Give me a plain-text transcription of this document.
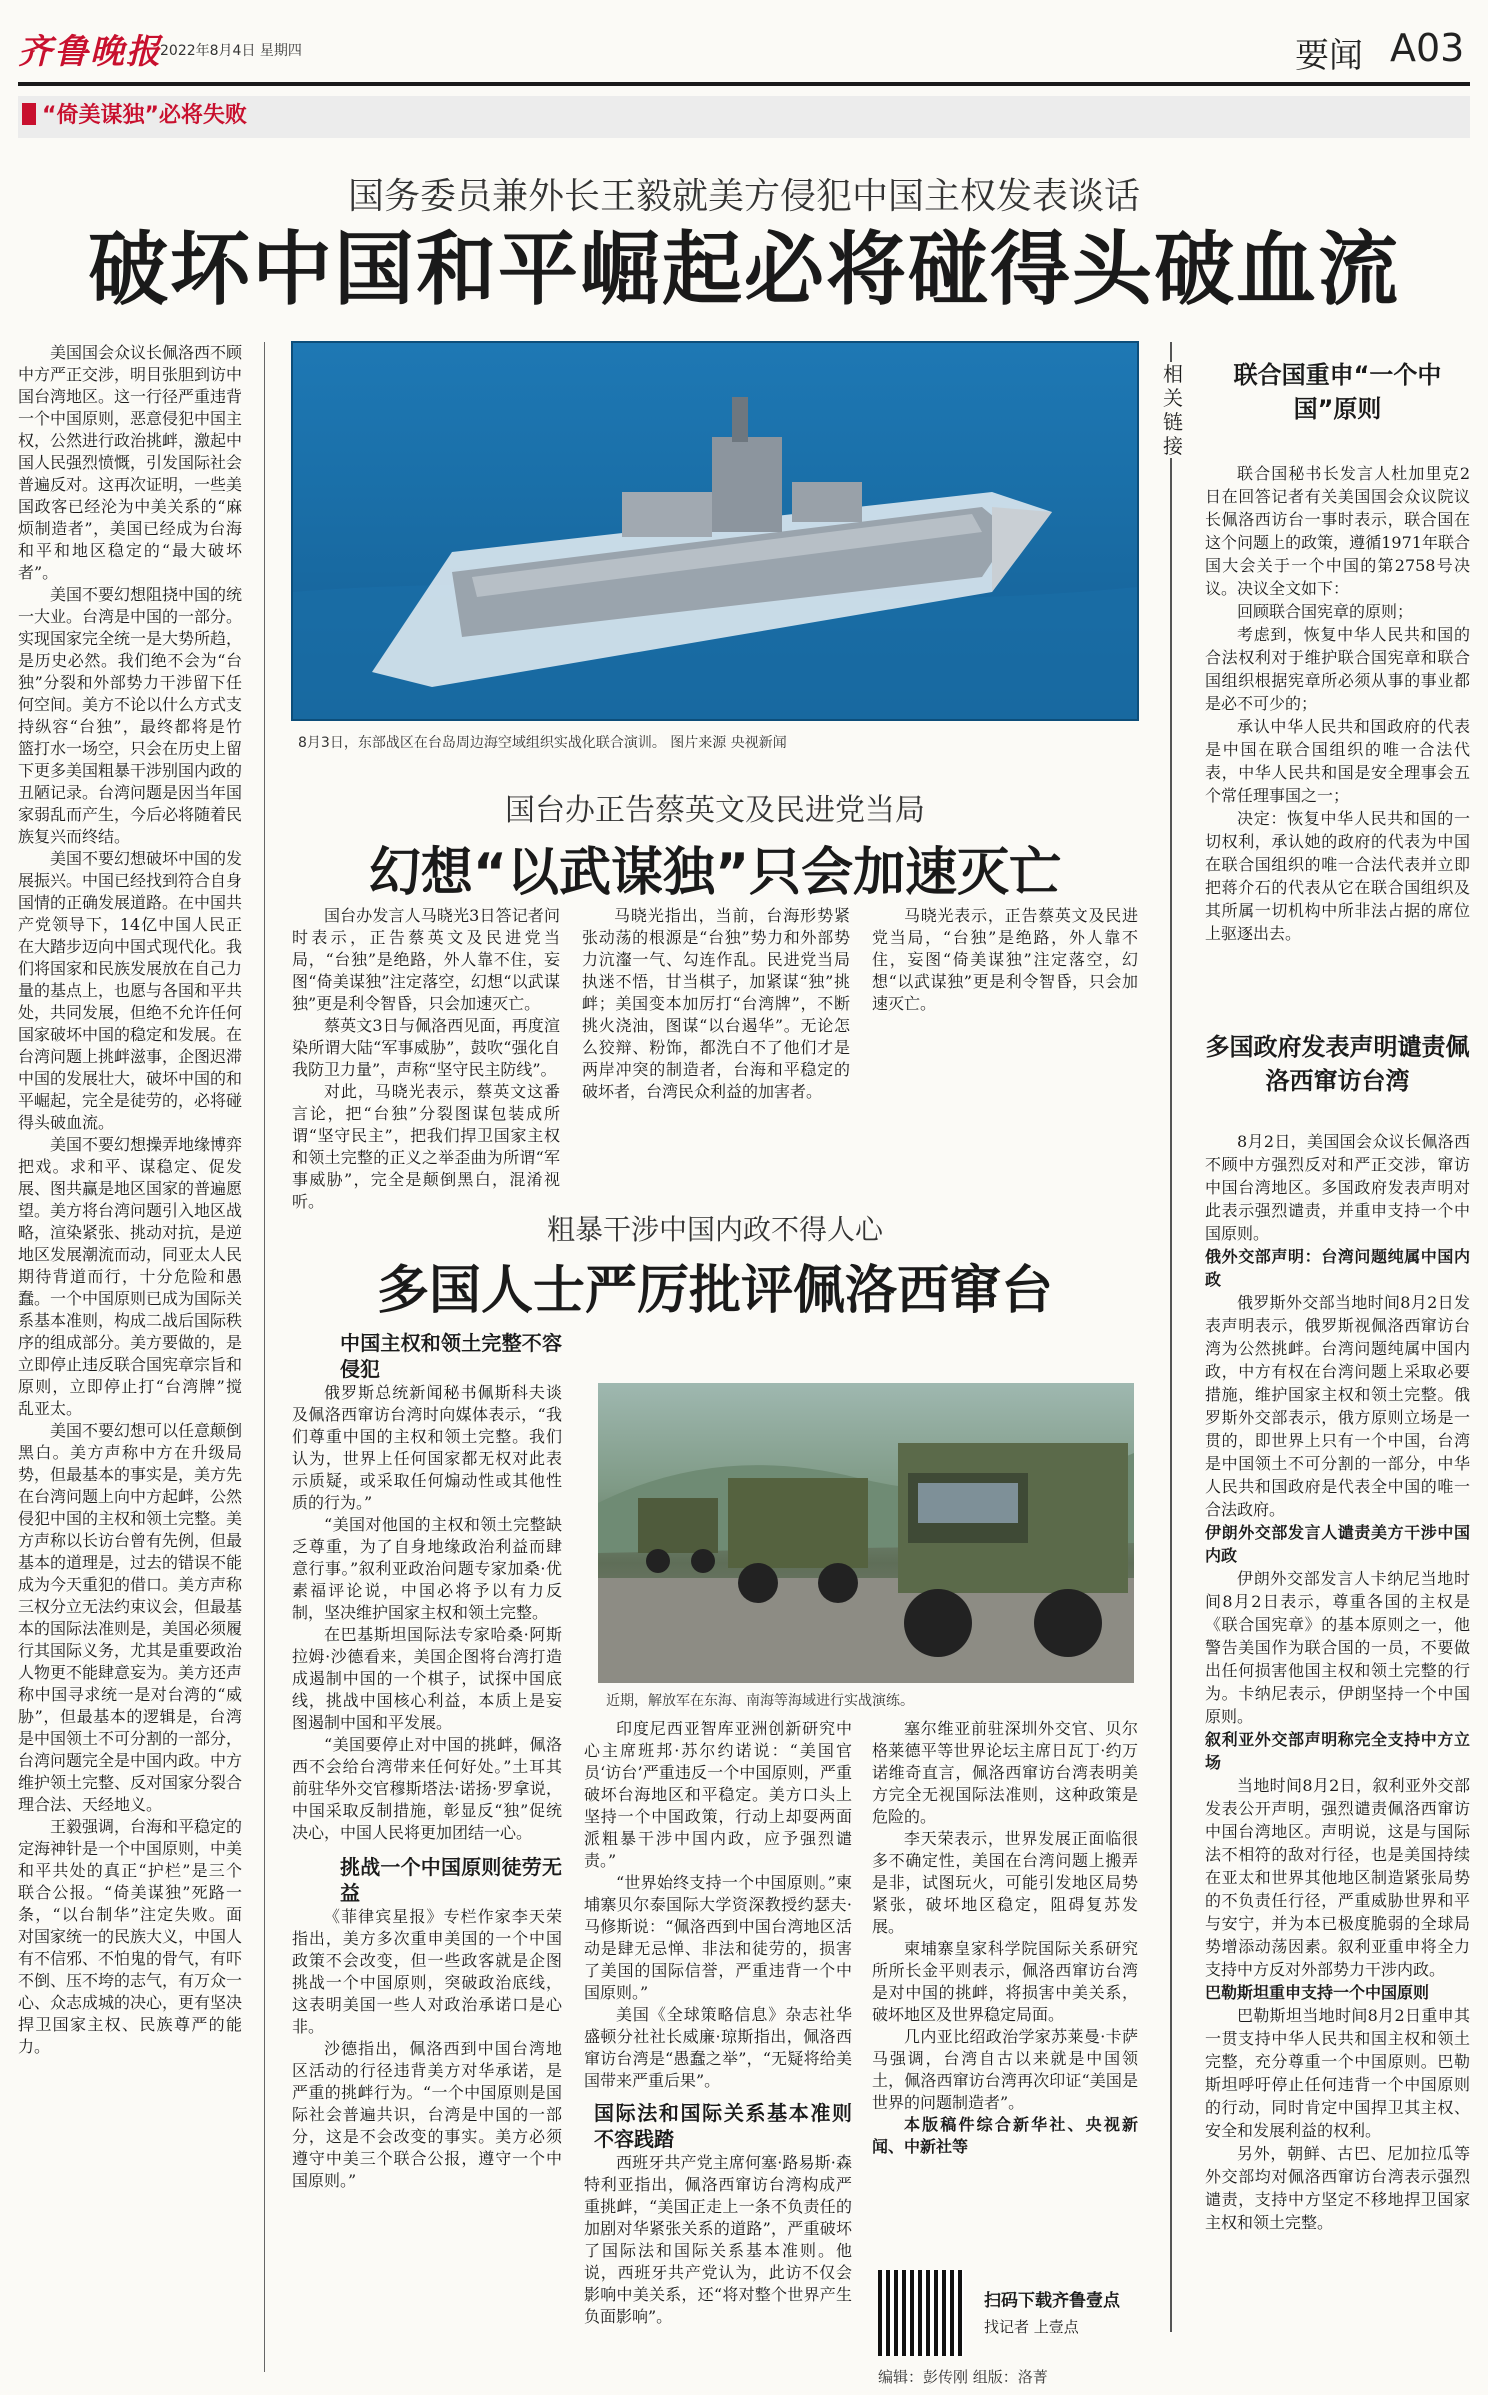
齐鲁晚报
2022年8月4日 星期四	要闻 A03
“倚美谋独”必将失败
国务委员兼外长王毅就美方侵犯中国主权发表谈话
破坏中国和平崛起必将碰得头破血流

美国国会众议长佩洛西不顾中方严正交涉，明目张胆到访中国台湾地区。这一行径严重违背一个中国原则，恶意侵犯中国主权，公然进行政治挑衅，激起中国人民强烈愤慨，引发国际社会普遍反对。这再次证明，一些美国政客已经沦为中美关系的“麻烦制造者”，美国已经成为台海和平和地区稳定的“最大破坏者”。

美国不要幻想阻挠中国的统一大业。台湾是中国的一部分。实现国家完全统一是大势所趋，是历史必然。我们绝不会为“台独”分裂和外部势力干涉留下任何空间。美方不论以什么方式支持纵容“台独”，最终都将是竹篮打水一场空，只会在历史上留下更多美国粗暴干涉别国内政的丑陋记录。台湾问题是因当年国家弱乱而产生，今后必将随着民族复兴而终结。

美国不要幻想破坏中国的发展振兴。中国已经找到符合自身国情的正确发展道路。在中国共产党领导下，14亿中国人民正在大踏步迈向中国式现代化。我们将国家和民族发展放在自己力量的基点上，也愿与各国和平共处，共同发展，但绝不允许任何国家破坏中国的稳定和发展。在台湾问题上挑衅滋事，企图迟滞中国的发展壮大，破坏中国的和平崛起，完全是徒劳的，必将碰得头破血流。

美国不要幻想操弄地缘博弈把戏。求和平、谋稳定、促发展、图共赢是地区国家的普遍愿望。美方将台湾问题引入地区战略，渲染紧张、挑动对抗，是逆地区发展潮流而动，同亚太人民期待背道而行，十分危险和愚蠢。一个中国原则已成为国际关系基本准则，构成二战后国际秩序的组成部分。美方要做的，是立即停止违反联合国宪章宗旨和原则，立即停止打“台湾牌”搅乱亚太。

美国不要幻想可以任意颠倒黑白。美方声称中方在升级局势，但最基本的事实是，美方先在台湾问题上向中方起衅，公然侵犯中国的主权和领土完整。美方声称以长访台曾有先例，但最基本的道理是，过去的错误不能成为今天重犯的借口。美方声称三权分立无法约束议会，但最基本的国际法准则是，美国必须履行其国际义务，尤其是重要政治人物更不能肆意妄为。美方还声称中国寻求统一是对台湾的“威胁”，但最基本的逻辑是，台湾是中国领土不可分割的一部分，台湾问题完全是中国内政。中方维护领土完整、反对国家分裂合理合法、天经地义。

王毅强调，台海和平稳定的定海神针是一个中国原则，中美和平共处的真正“护栏”是三个联合公报。“倚美谋独”死路一条，“以台制华”注定失败。面对国家统一的民族大义，中国人有不信邪、不怕鬼的骨气，有吓不倒、压不垮的志气，有万众一心、众志成城的决心，更有坚决捍卫国家主权、民族尊严的能力。

8月3日，东部战区在台岛周边海空域组织实战化联合演训。 图片来源 央视新闻
国台办正告蔡英文及民进党当局
幻想“以武谋独”只会加速灭亡

国台办发言人马晓光3日答记者问时表示，正告蔡英文及民进党当局，“台独”是绝路，外人靠不住，妄图“倚美谋独”注定落空，幻想“以武谋独”更是利令智昏，只会加速灭亡。

蔡英文3日与佩洛西见面，再度渲染所谓大陆“军事威胁”，鼓吹“强化自我防卫力量”，声称“坚守民主防线”。

对此，马晓光表示，蔡英文这番言论，把“台独”分裂图谋包装成所谓“坚守民主”，把我们捍卫国家主权和领土完整的正义之举歪曲为所谓“军事威胁”，完全是颠倒黑白，混淆视听。

马晓光指出，当前，台海形势紧张动荡的根源是“台独”势力和外部势力沆瀣一气、勾连作乱。民进党当局执迷不悟，甘当棋子，加紧谋“独”挑衅；美国变本加厉打“台湾牌”，不断挑火浇油，图谋“以台遏华”。无论怎么狡辩、粉饰，都洗白不了他们才是两岸冲突的制造者，台海和平稳定的破坏者，台湾民众利益的加害者。

马晓光表示，正告蔡英文及民进党当局，“台独”是绝路，外人靠不住，妄图“倚美谋独”注定落空，幻想“以武谋独”更是利令智昏，只会加速灭亡。

粗暴干涉中国内政不得人心
多国人士严厉批评佩洛西窜台
中国主权和领土完整不容侵犯

俄罗斯总统新闻秘书佩斯科夫谈及佩洛西窜访台湾时向媒体表示，“我们尊重中国的主权和领土完整。我们认为，世界上任何国家都无权对此表示质疑，或采取任何煽动性或其他性质的行为。”

“美国对他国的主权和领土完整缺乏尊重，为了自身地缘政治利益而肆意行事。”叙利亚政治问题专家加桑·优素福评论说，中国必将予以有力反制，坚决维护国家主权和领土完整。

在巴基斯坦国际法专家哈桑·阿斯拉姆·沙德看来，美国企图将台湾打造成遏制中国的一个棋子，试探中国底线，挑战中国核心利益，本质上是妄图遏制中国和平发展。

“美国要停止对中国的挑衅，佩洛西不会给台湾带来任何好处。”土耳其前驻华外交官穆斯塔法·诺扬·罗拿说，中国采取反制措施，彰显反“独”促统决心，中国人民将更加团结一心。

挑战一个中国原则徒劳无益

《菲律宾星报》专栏作家李天荣指出，美方多次重申美国的一个中国政策不会改变，但一些政客就是企图挑战一个中国原则，突破政治底线，这表明美国一些人对政治承诺口是心非。

沙德指出，佩洛西到中国台湾地区活动的行径违背美方对华承诺，是严重的挑衅行为。“一个中国原则是国际社会普遍共识，台湾是中国的一部分，这是不会改变的事实。美方必须遵守中美三个联合公报，遵守一个中国原则。”

近期，解放军在东海、南海等海域进行实战演练。

印度尼西亚智库亚洲创新研究中心主席班邦·苏尔约诺说：“美国官员‘访台’严重违反一个中国原则，严重破坏台海地区和平稳定。美方口头上坚持一个中国政策，行动上却耍两面派粗暴干涉中国内政，应予强烈谴责。”

“世界始终支持一个中国原则。”柬埔寨贝尔泰国际大学资深教授约瑟夫·马修斯说：“佩洛西到中国台湾地区活动是肆无忌惮、非法和徒劳的，损害了美国的国际信誉，严重违背一个中国原则。”

美国《全球策略信息》杂志社华盛顿分社社长威廉·琼斯指出，佩洛西窜访台湾是“愚蠢之举”，“无疑将给美国带来严重后果”。

国际法和国际关系基本准则不容践踏

西班牙共产党主席何塞·路易斯·森特利亚指出，佩洛西窜访台湾构成严重挑衅，“美国正走上一条不负责任的加剧对华紧张关系的道路”，严重破坏了国际法和国际关系基本准则。他说，西班牙共产党认为，此访不仅会影响中美关系，还“将对整个世界产生负面影响”。

塞尔维亚前驻深圳外交官、贝尔格莱德平等世界论坛主席日瓦丁·约万诺维奇直言，佩洛西窜访台湾表明美方完全无视国际法准则，这种政策是危险的。

李天荣表示，世界发展正面临很多不确定性，美国在台湾问题上搬弄是非，试图玩火，可能引发地区局势紧张，破坏地区稳定，阻碍复苏发展。

柬埔寨皇家科学院国际关系研究所所长金平则表示，佩洛西窜访台湾是对中国的挑衅，将损害中美关系，破坏地区及世界稳定局面。

几内亚比绍政治学家苏莱曼·卡萨马强调，台湾自古以来就是中国领土，佩洛西窜访台湾再次印证“美国是世界的问题制造者”。

本版稿件综合新华社、央视新闻、中新社等

扫码下载齐鲁壹点
找记者 上壹点
编辑：彭传刚 组版：洛菁
相关链接
联合国重申“一个中国”原则

联合国秘书长发言人杜加里克2日在回答记者有关美国国会众议院议长佩洛西访台一事时表示，联合国在这个问题上的政策，遵循1971年联合国大会关于一个中国的第2758号决议。决议全文如下：

回顾联合国宪章的原则；

考虑到，恢复中华人民共和国的合法权利对于维护联合国宪章和联合国组织根据宪章所必须从事的事业都是必不可少的；

承认中华人民共和国政府的代表是中国在联合国组织的唯一合法代表，中华人民共和国是安全理事会五个常任理事国之一；

决定：恢复中华人民共和国的一切权利，承认她的政府的代表为中国在联合国组织的唯一合法代表并立即把蒋介石的代表从它在联合国组织及其所属一切机构中所非法占据的席位上驱逐出去。

多国政府发表声明谴责佩洛西窜访台湾

8月2日，美国国会众议长佩洛西不顾中方强烈反对和严正交涉，窜访中国台湾地区。多国政府发表声明对此表示强烈谴责，并重申支持一个中国原则。

俄外交部声明：台湾问题纯属中国内政

俄罗斯外交部当地时间8月2日发表声明表示，俄罗斯视佩洛西窜访台湾为公然挑衅。台湾问题纯属中国内政，中方有权在台湾问题上采取必要措施，维护国家主权和领土完整。俄罗斯外交部表示，俄方原则立场是一贯的，即世界上只有一个中国，台湾是中国领土不可分割的一部分，中华人民共和国政府是代表全中国的唯一合法政府。

伊朗外交部发言人谴责美方干涉中国内政

伊朗外交部发言人卡纳尼当地时间8月2日表示，尊重各国的主权是《联合国宪章》的基本原则之一，他警告美国作为联合国的一员，不要做出任何损害他国主权和领土完整的行为。卡纳尼表示，伊朗坚持一个中国原则。

叙利亚外交部声明称完全支持中方立场

当地时间8月2日，叙利亚外交部发表公开声明，强烈谴责佩洛西窜访中国台湾地区。声明说，这是与国际法不相符的敌对行径，也是美国持续在亚太和世界其他地区制造紧张局势的不负责任行径，严重威胁世界和平与安宁，并为本已极度脆弱的全球局势增添动荡因素。叙利亚重申将全力支持中方反对外部势力干涉内政。

巴勒斯坦重申支持一个中国原则

巴勒斯坦当地时间8月2日重申其一贯支持中华人民共和国主权和领土完整，充分尊重一个中国原则。巴勒斯坦呼吁停止任何违背一个中国原则的行动，同时肯定中国捍卫其主权、安全和发展利益的权利。

另外，朝鲜、古巴、尼加拉瓜等外交部均对佩洛西窜访台湾表示强烈谴责，支持中方坚定不移地捍卫国家主权和领土完整。
